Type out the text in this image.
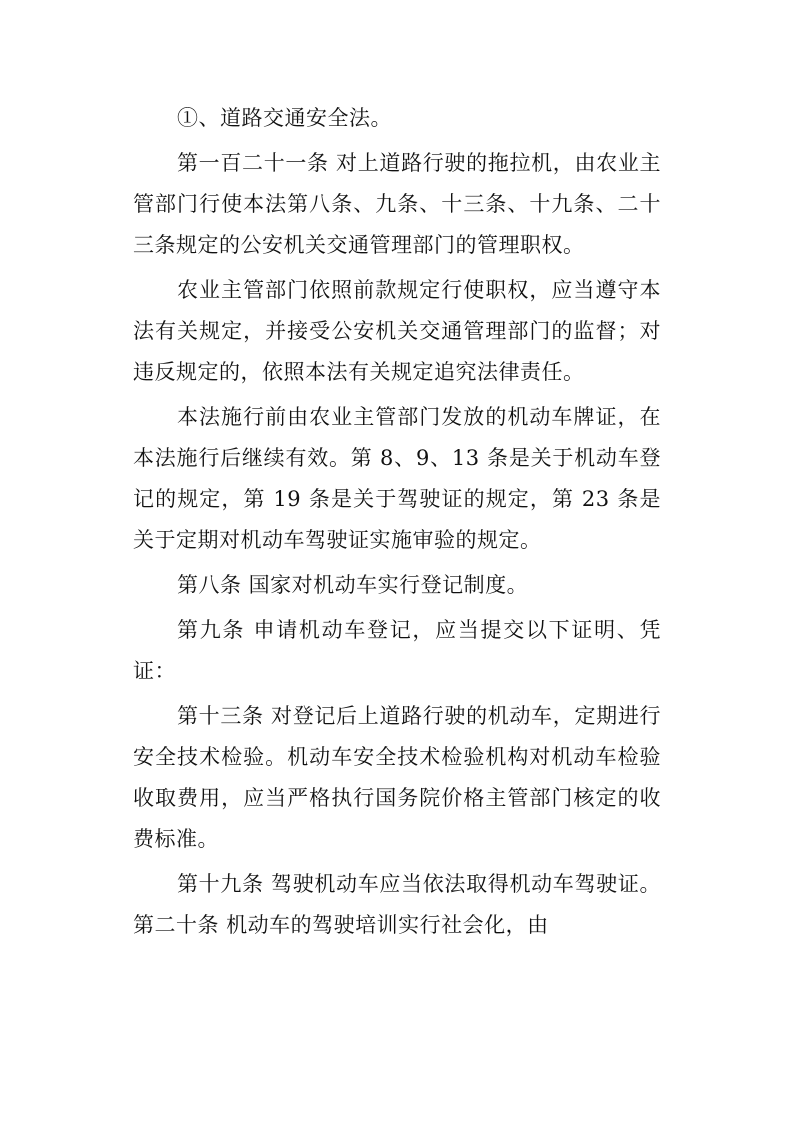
①、道路交通安全法。

第一百二十一条 对上道路行驶的拖拉机，由农业主管部门行使本法第八条、九条、十三条、十九条、二十三条规定的公安机关交通管理部门的管理职权。

农业主管部门依照前款规定行使职权，应当遵守本法有关规定，并接受公安机关交通管理部门的监督；对违反规定的，依照本法有关规定追究法律责任。

本法施行前由农业主管部门发放的机动车牌证，在本法施行后继续有效。第 8、9、13 条是关于机动车登记的规定，第 19 条是关于驾驶证的规定，第 23 条是关于定期对机动车驾驶证实施审验的规定。

第八条 国家对机动车实行登记制度。

第九条 申请机动车登记，应当提交以下证明、凭证：

第十三条 对登记后上道路行驶的机动车，定期进行安全技术检验。机动车安全技术检验机构对机动车检验收取费用，应当严格执行国务院价格主管部门核定的收费标准。

第十九条 驾驶机动车应当依法取得机动车驾驶证。第二十条 机动车的驾驶培训实行社会化，由
